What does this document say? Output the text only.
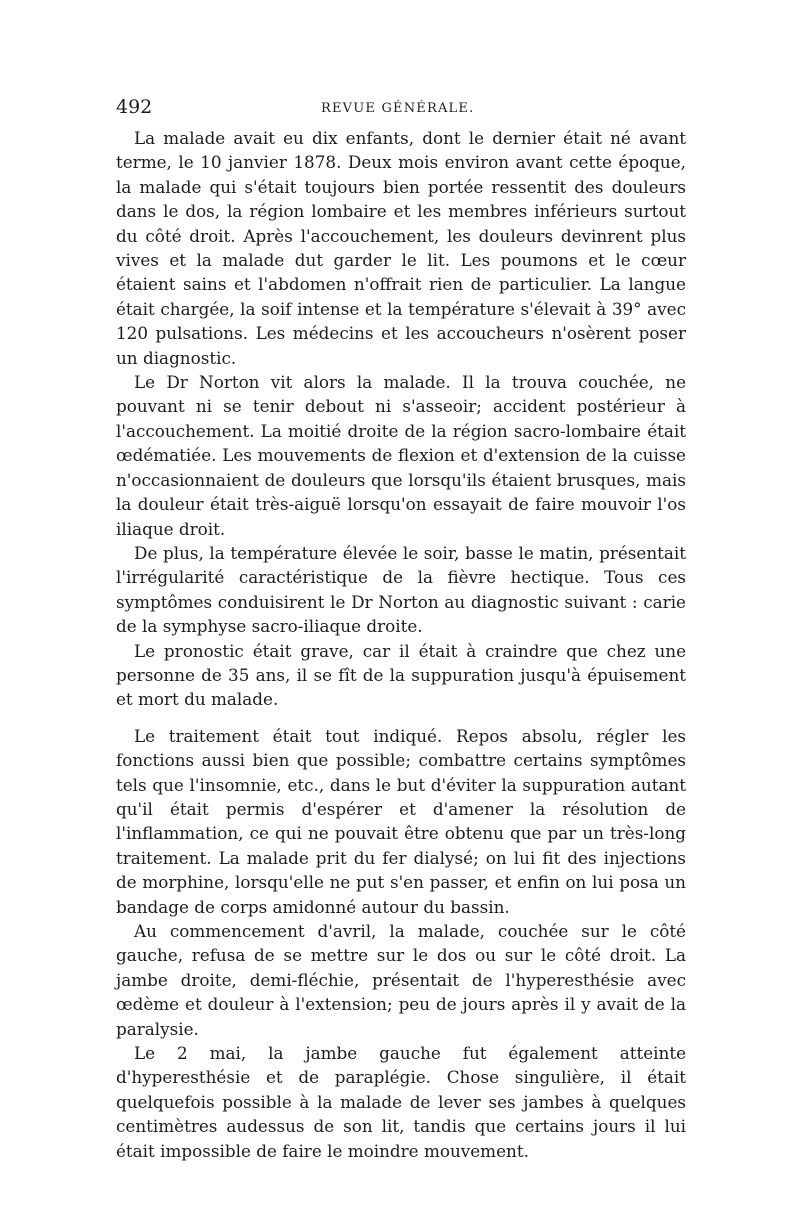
492	REVUE GÉNÉRALE.

La malade avait eu dix enfants, dont le dernier était né avant terme, le 10 janvier 1878. Deux mois environ avant cette époque, la malade qui s'était toujours bien portée ressentit des douleurs dans le dos, la région lombaire et les membres inférieurs surtout du côté droit. Après l'accouchement, les douleurs devinrent plus vives et la malade dut garder le lit. Les poumons et le cœur étaient sains et l'abdomen n'offrait rien de particulier. La langue était chargée, la soif intense et la température s'élevait à 39° avec 120 pulsations. Les médecins et les accoucheurs n'osèrent poser un diagnostic.

Le Dr Norton vit alors la malade. Il la trouva couchée, ne pouvant ni se tenir debout ni s'asseoir; accident postérieur à l'accouchement. La moitié droite de la région sacro-lombaire était œdématiée. Les mouvements de flexion et d'extension de la cuisse n'occasionnaient de douleurs que lorsqu'ils étaient brusques, mais la douleur était très-aiguë lorsqu'on essayait de faire mouvoir l'os iliaque droit.

De plus, la température élevée le soir, basse le matin, présentait l'irrégularité caractéristique de la fièvre hectique. Tous ces symptômes conduisirent le Dr Norton au diagnostic suivant : carie de la symphyse sacro-iliaque droite.

Le pronostic était grave, car il était à craindre que chez une personne de 35 ans, il se fît de la suppuration jusqu'à épuisement et mort du malade.

Le traitement était tout indiqué. Repos absolu, régler les fonctions aussi bien que possible; combattre certains symptômes tels que l'insomnie, etc., dans le but d'éviter la suppuration autant qu'il était permis d'espérer et d'amener la résolution de l'inflammation, ce qui ne pouvait être obtenu que par un très-long traitement. La malade prit du fer dialysé; on lui fit des injections de morphine, lorsqu'elle ne put s'en passer, et enfin on lui posa un bandage de corps amidonné autour du bassin.

Au commencement d'avril, la malade, couchée sur le côté gauche, refusa de se mettre sur le dos ou sur le côté droit. La jambe droite, demi-fléchie, présentait de l'hyperesthésie avec œdème et douleur à l'extension; peu de jours après il y avait de la paralysie.

Le 2 mai, la jambe gauche fut également atteinte d'hyperesthésie et de paraplégie. Chose singulière, il était quelquefois possible à la malade de lever ses jambes à quelques centimètres audessus de son lit, tandis que certains jours il lui était impossible de faire le moindre mouvement.
